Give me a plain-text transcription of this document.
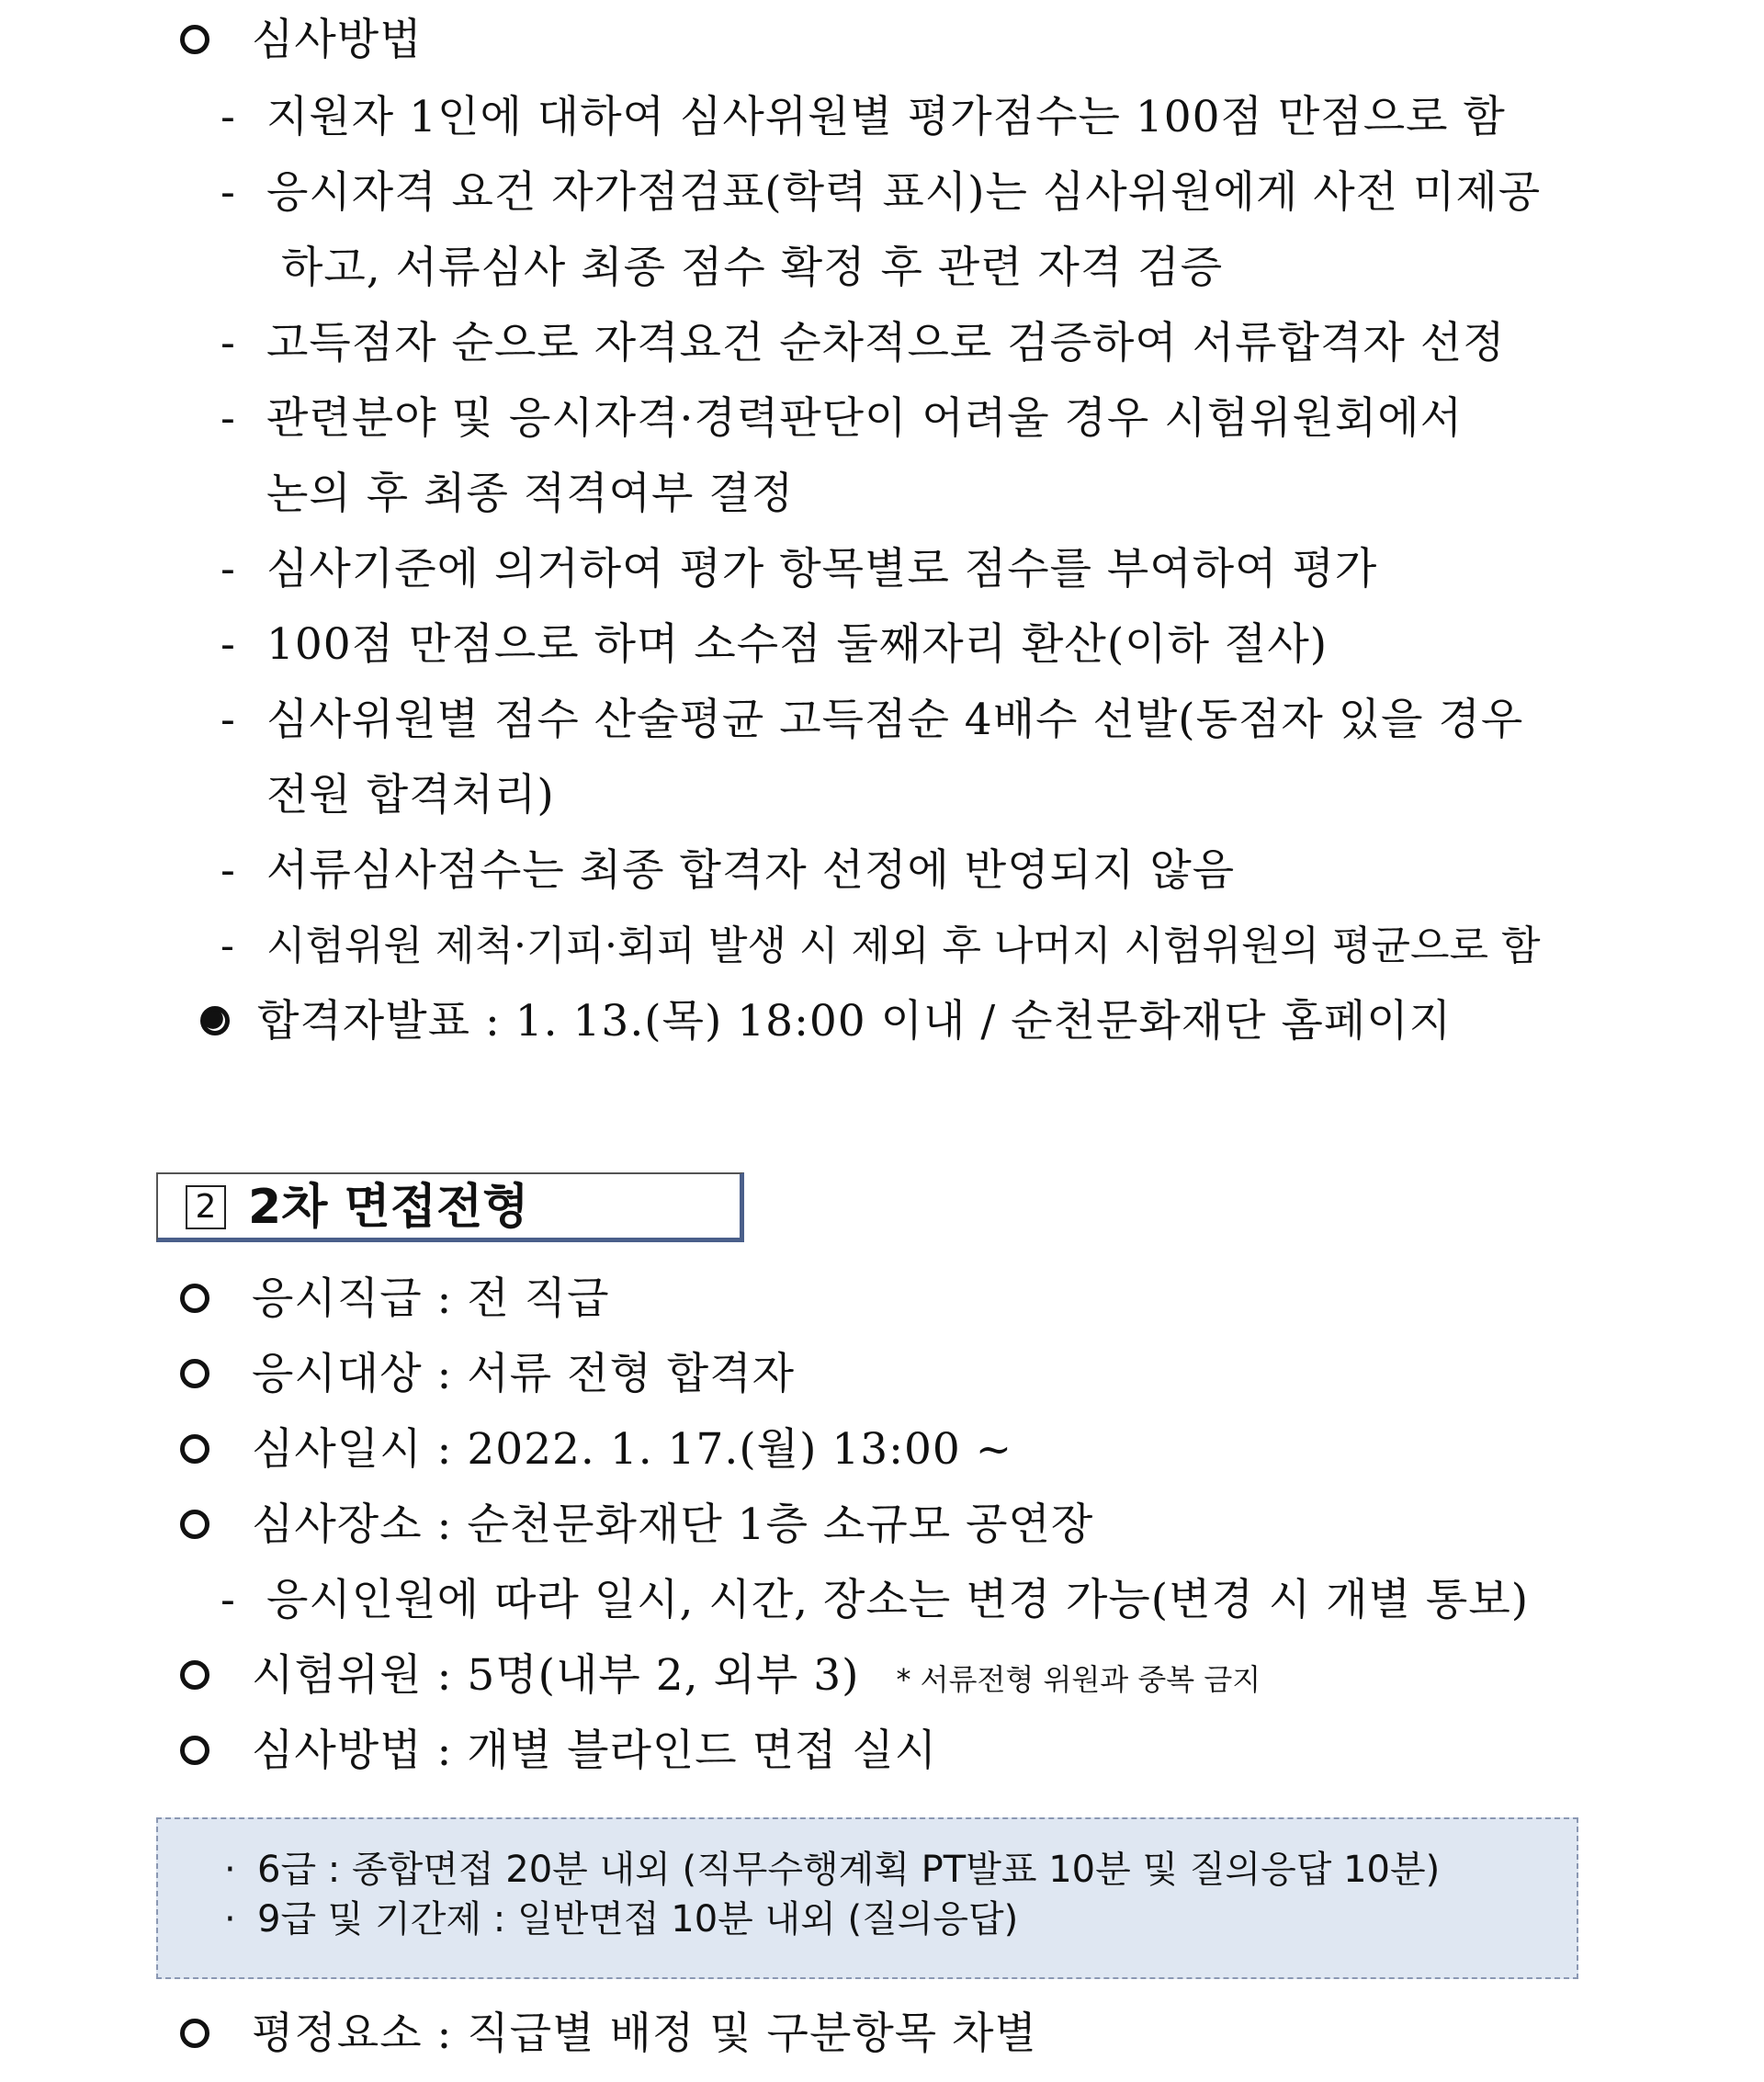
심사방법
- 지원자 1인에 대하여 심사위원별 평가점수는 100점 만점으로 함
- 응시자격 요건 자가점검표(학력 표시)는 심사위원에게 사전 미제공
하고, 서류심사 최종 점수 확정 후 관련 자격 검증
- 고득점자 순으로 자격요건 순차적으로 검증하여 서류합격자 선정
- 관련분야 및 응시자격·경력판단이 어려울 경우 시험위원회에서
논의 후 최종 적격여부 결정
- 심사기준에 의거하여 평가 항목별로 점수를 부여하여 평가
- 100점 만점으로 하며 소수점 둘째자리 환산(이하 절사)
- 심사위원별 점수 산술평균 고득점순 4배수 선발(동점자 있을 경우
전원 합격처리)
- 서류심사점수는 최종 합격자 선정에 반영되지 않음
- 시험위원 제척·기피·회피 발생 시 제외 후 나머지 시험위원의 평균으로 함
합격자발표 : 1. 13.(목) 18:00 이내 / 순천문화재단 홈페이지
2 2차 면접전형
응시직급 : 전 직급
응시대상 : 서류 전형 합격자
심사일시 : 2022. 1. 17.(월) 13:00 ~
심사장소 : 순천문화재단 1층 소규모 공연장
- 응시인원에 따라 일시, 시간, 장소는 변경 가능(변경 시 개별 통보)
시험위원 : 5명(내부 2, 외부 3) * 서류전형 위원과 중복 금지
심사방법 : 개별 블라인드 면접 실시
· 6급 : 종합면접 20분 내외 (직무수행계획 PT발표 10분 및 질의응답 10분)
· 9급 및 기간제 : 일반면접 10분 내외 (질의응답)
평정요소 : 직급별 배정 및 구분항목 차별
